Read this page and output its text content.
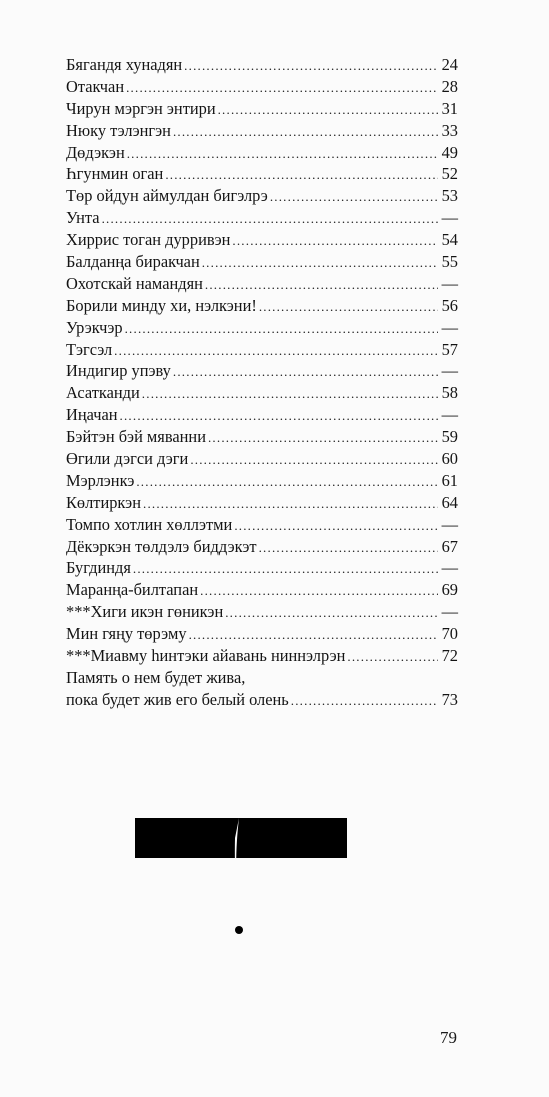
Бягандя хунадян .....	24
Отакчан .....	28
Чирун мэргэн энтири .....	31
Нюку тэлэнгэн .....	33
Дөдэкэн .....	49
Һгунмин оган .....	52
Төр ойдун аймулдан бигэлрэ .....	53
Унта .....	—
Хиррис тоган дурривэн .....	54
Балданңа биракчан .....	55
Охотскай намандян .....	—
Борили минду хи, нэлкэни! .....	56
Урэкчэр .....	—
Тэгсэл .....	57
Индигир упэву .....	—
Асатканди .....	58
Иңачан .....	—
Бэйтэн бэй мяванни .....	59
Өгили дэгси дэги .....	60
Мэрлэнкэ .....	61
Көлтиркэн .....	64
Томпо хотлин хөллэтми .....	—
Дёкэркэн төлдэлэ биддэкэт .....	67
Бугдиндя .....	—
Маранңа-билтапан .....	69
***Хиги икэн гөникэн .....	—
Мин гяңу төрэму .....	70
***Миавму һинтэки айавань ниннэлрэн .....	72
Память о нем будет жива,
пока будет жив его белый олень .....	73
79
